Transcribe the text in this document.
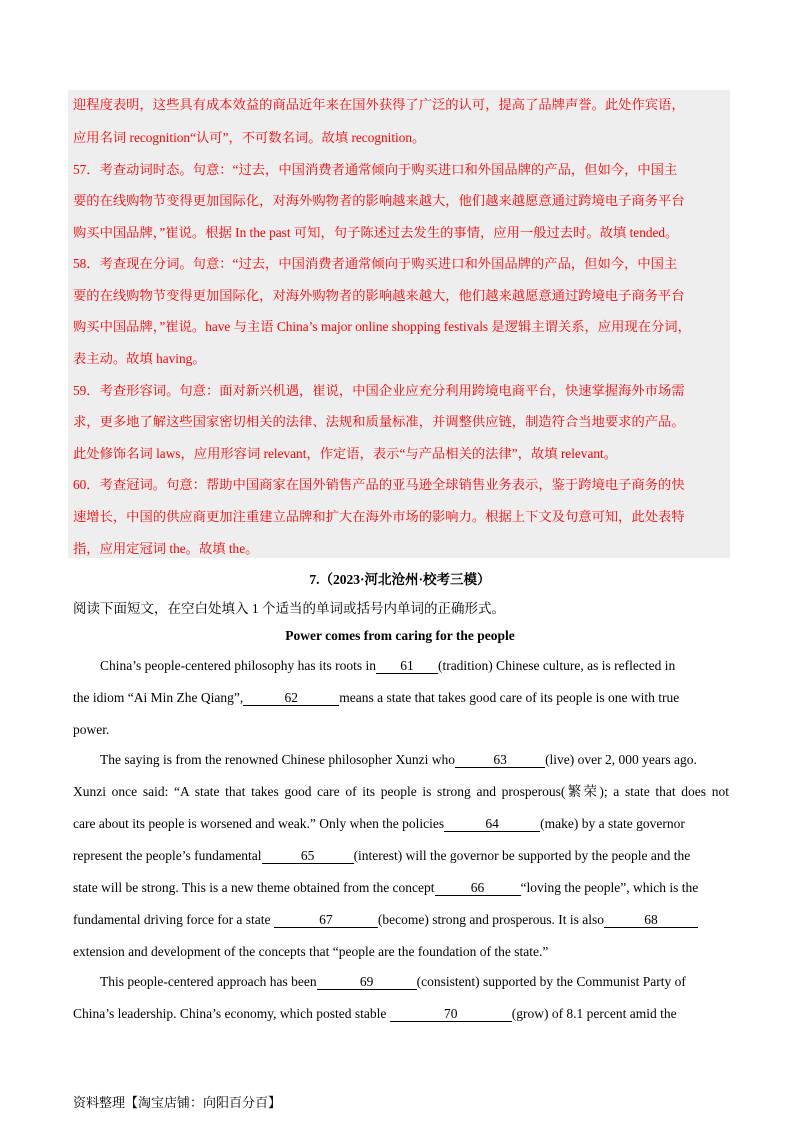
迎程度表明，这些具有成本效益的商品近年来在国外获得了广泛的认可，提高了品牌声誉。此处作宾语，
应用名词 recognition“认可”，不可数名词。故填 recognition。
57．考查动词时态。句意：“过去，中国消费者通常倾向于购买进口和外国品牌的产品，但如今，中国主
要的在线购物节变得更加国际化，对海外购物者的影响越来越大，他们越来越愿意通过跨境电子商务平台
购买中国品牌，”崔说。根据 In the past 可知，句子陈述过去发生的事情，应用一般过去时。故填 tended。
58．考查现在分词。句意：“过去，中国消费者通常倾向于购买进口和外国品牌的产品，但如今，中国主
要的在线购物节变得更加国际化，对海外购物者的影响越来越大，他们越来越愿意通过跨境电子商务平台
购买中国品牌，”崔说。have 与主语 China’s major online shopping festivals 是逻辑主谓关系，应用现在分词，
表主动。故填 having。
59．考查形容词。句意：面对新兴机遇，崔说，中国企业应充分利用跨境电商平台，快速掌握海外市场需
求，更多地了解这些国家密切相关的法律、法规和质量标准，并调整供应链，制造符合当地要求的产品。
此处修饰名词 laws，应用形容词 relevant，作定语，表示“与产品相关的法律”，故填 relevant。
60．考查冠词。句意：帮助中国商家在国外销售产品的亚马逊全球销售业务表示，鉴于跨境电子商务的快
速增长，中国的供应商更加注重建立品牌和扩大在海外市场的影响力。根据上下文及句意可知，此处表特
指，应用定冠词 the。故填 the。
7.（2023·河北沧州·校考三模）
阅读下面短文，在空白处填入 1 个适当的单词或括号内单词的正确形式。
Power comes from caring for the people
China’s people-centered philosophy has its roots in 61 (tradition) Chinese culture, as is reflected in
the idiom “Ai Min Zhe Qiang”,	62	means a state that takes good care of its people is one with true
power.
The saying is from the renowned Chinese philosopher Xunzi who	63	(live) over 2, 000 years ago.
Xunzi once said: “A state that takes good care of its people is strong and prosperous(繁荣); a state that does not
care about its people is worsened and weak.” Only when the policies	64	(make) by a state governor
represent the people’s fundamental	65	(interest) will the governor be supported by the people and the
state will be strong. This is a new theme obtained from the concept	66	“loving the people”, which is the
fundamental driving force for a state	67	(become) strong and prosperous. It is also	68
extension and development of the concepts that “people are the foundation of the state.”
This people-centered approach has been	69	(consistent) supported by the Communist Party of
China’s leadership. China’s economy, which posted stable	70	(grow) of 8.1 percent amid the
资料整理【淘宝店铺：向阳百分百】
